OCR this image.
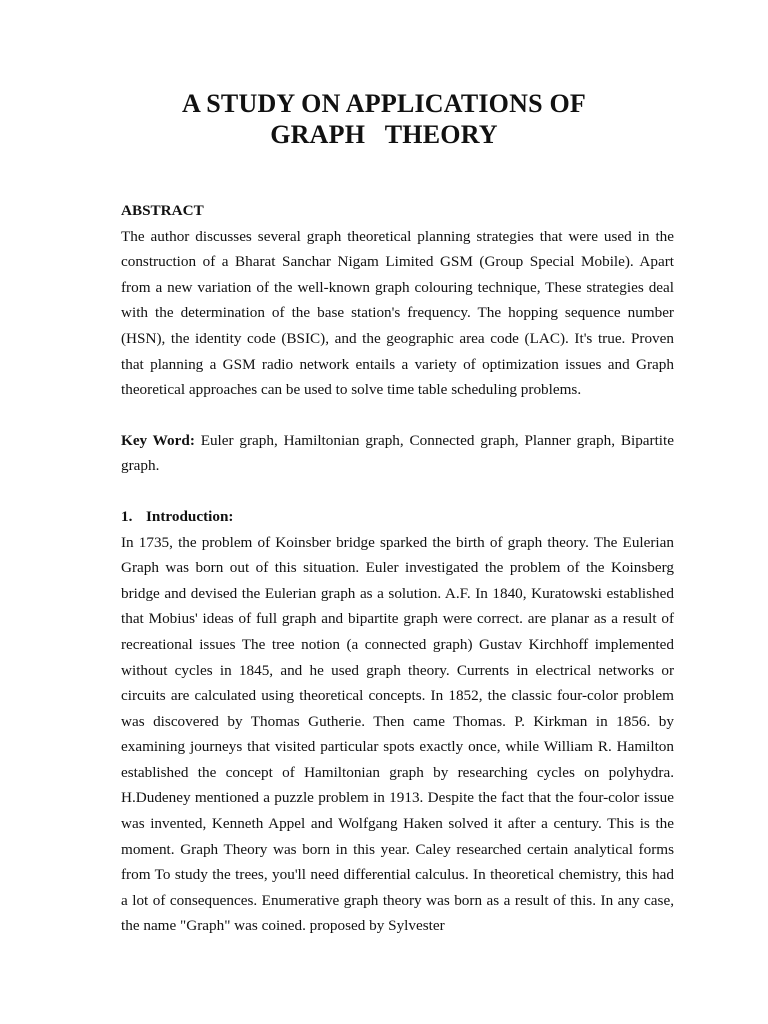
A STUDY ON APPLICATIONS OF
GRAPH   THEORY
ABSTRACT

The author discusses several graph theoretical planning strategies that were used in the construction of a Bharat Sanchar Nigam Limited GSM (Group Special Mobile). Apart from a new variation of the well-known graph colouring technique, These strategies deal with the determination of the base station's frequency. The hopping sequence number (HSN), the identity code (BSIC), and the geographic area code (LAC). It's true. Proven that planning a GSM radio network entails a variety of optimization issues and Graph theoretical approaches can be used to solve time table scheduling problems.

Key Word: Euler graph, Hamiltonian graph, Connected graph, Planner graph, Bipartite graph.

1. Introduction:

In 1735, the problem of Koinsber bridge sparked the birth of graph theory. The Eulerian Graph was born out of this situation. Euler investigated the problem of the Koinsberg bridge and devised the Eulerian graph as a solution. A.F. In 1840, Kuratowski established that Mobius' ideas of full graph and bipartite graph were correct. are planar as a result of recreational issues The tree notion (a connected graph) Gustav Kirchhoff implemented without cycles in 1845, and he used graph theory. Currents in electrical networks or circuits are calculated using theoretical concepts. In 1852, the classic four-color problem was discovered by Thomas Gutherie. Then came Thomas. P. Kirkman in 1856. by examining journeys that visited particular spots exactly once, while William R. Hamilton established the concept of Hamiltonian graph by researching cycles on polyhydra. H.Dudeney mentioned a puzzle problem in 1913. Despite the fact that the four-color issue was invented, Kenneth Appel and Wolfgang Haken solved it after a century. This is the moment. Graph Theory was born in this year. Caley researched certain analytical forms from To study the trees, you'll need differential calculus. In theoretical chemistry, this had a lot of consequences. Enumerative graph theory was born as a result of this. In any case, the name "Graph" was coined. proposed by Sylvester
